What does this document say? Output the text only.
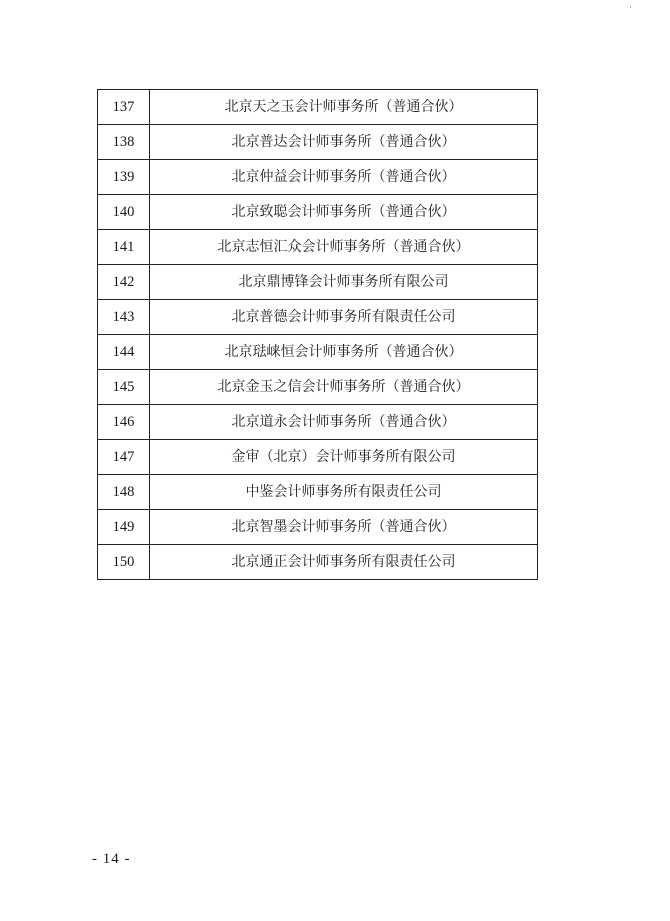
˙
137	北京天之玉会计师事务所（普通合伙）
138	北京普达会计师事务所（普通合伙）
139	北京仲益会计师事务所（普通合伙）
140	北京致聪会计师事务所（普通合伙）
141	北京志恒汇众会计师事务所（普通合伙）
142	北京鼎博锋会计师事务所有限公司
143	北京普德会计师事务所有限责任公司
144	北京琺崃恒会计师事务所（普通合伙）
145	北京金玉之信会计师事务所（普通合伙）
146	北京道永会计师事务所（普通合伙）
147	金审（北京）会计师事务所有限公司
148	中鉴会计师事务所有限责任公司
149	北京智墨会计师事务所（普通合伙）
150	北京通正会计师事务所有限责任公司
- 14 -
